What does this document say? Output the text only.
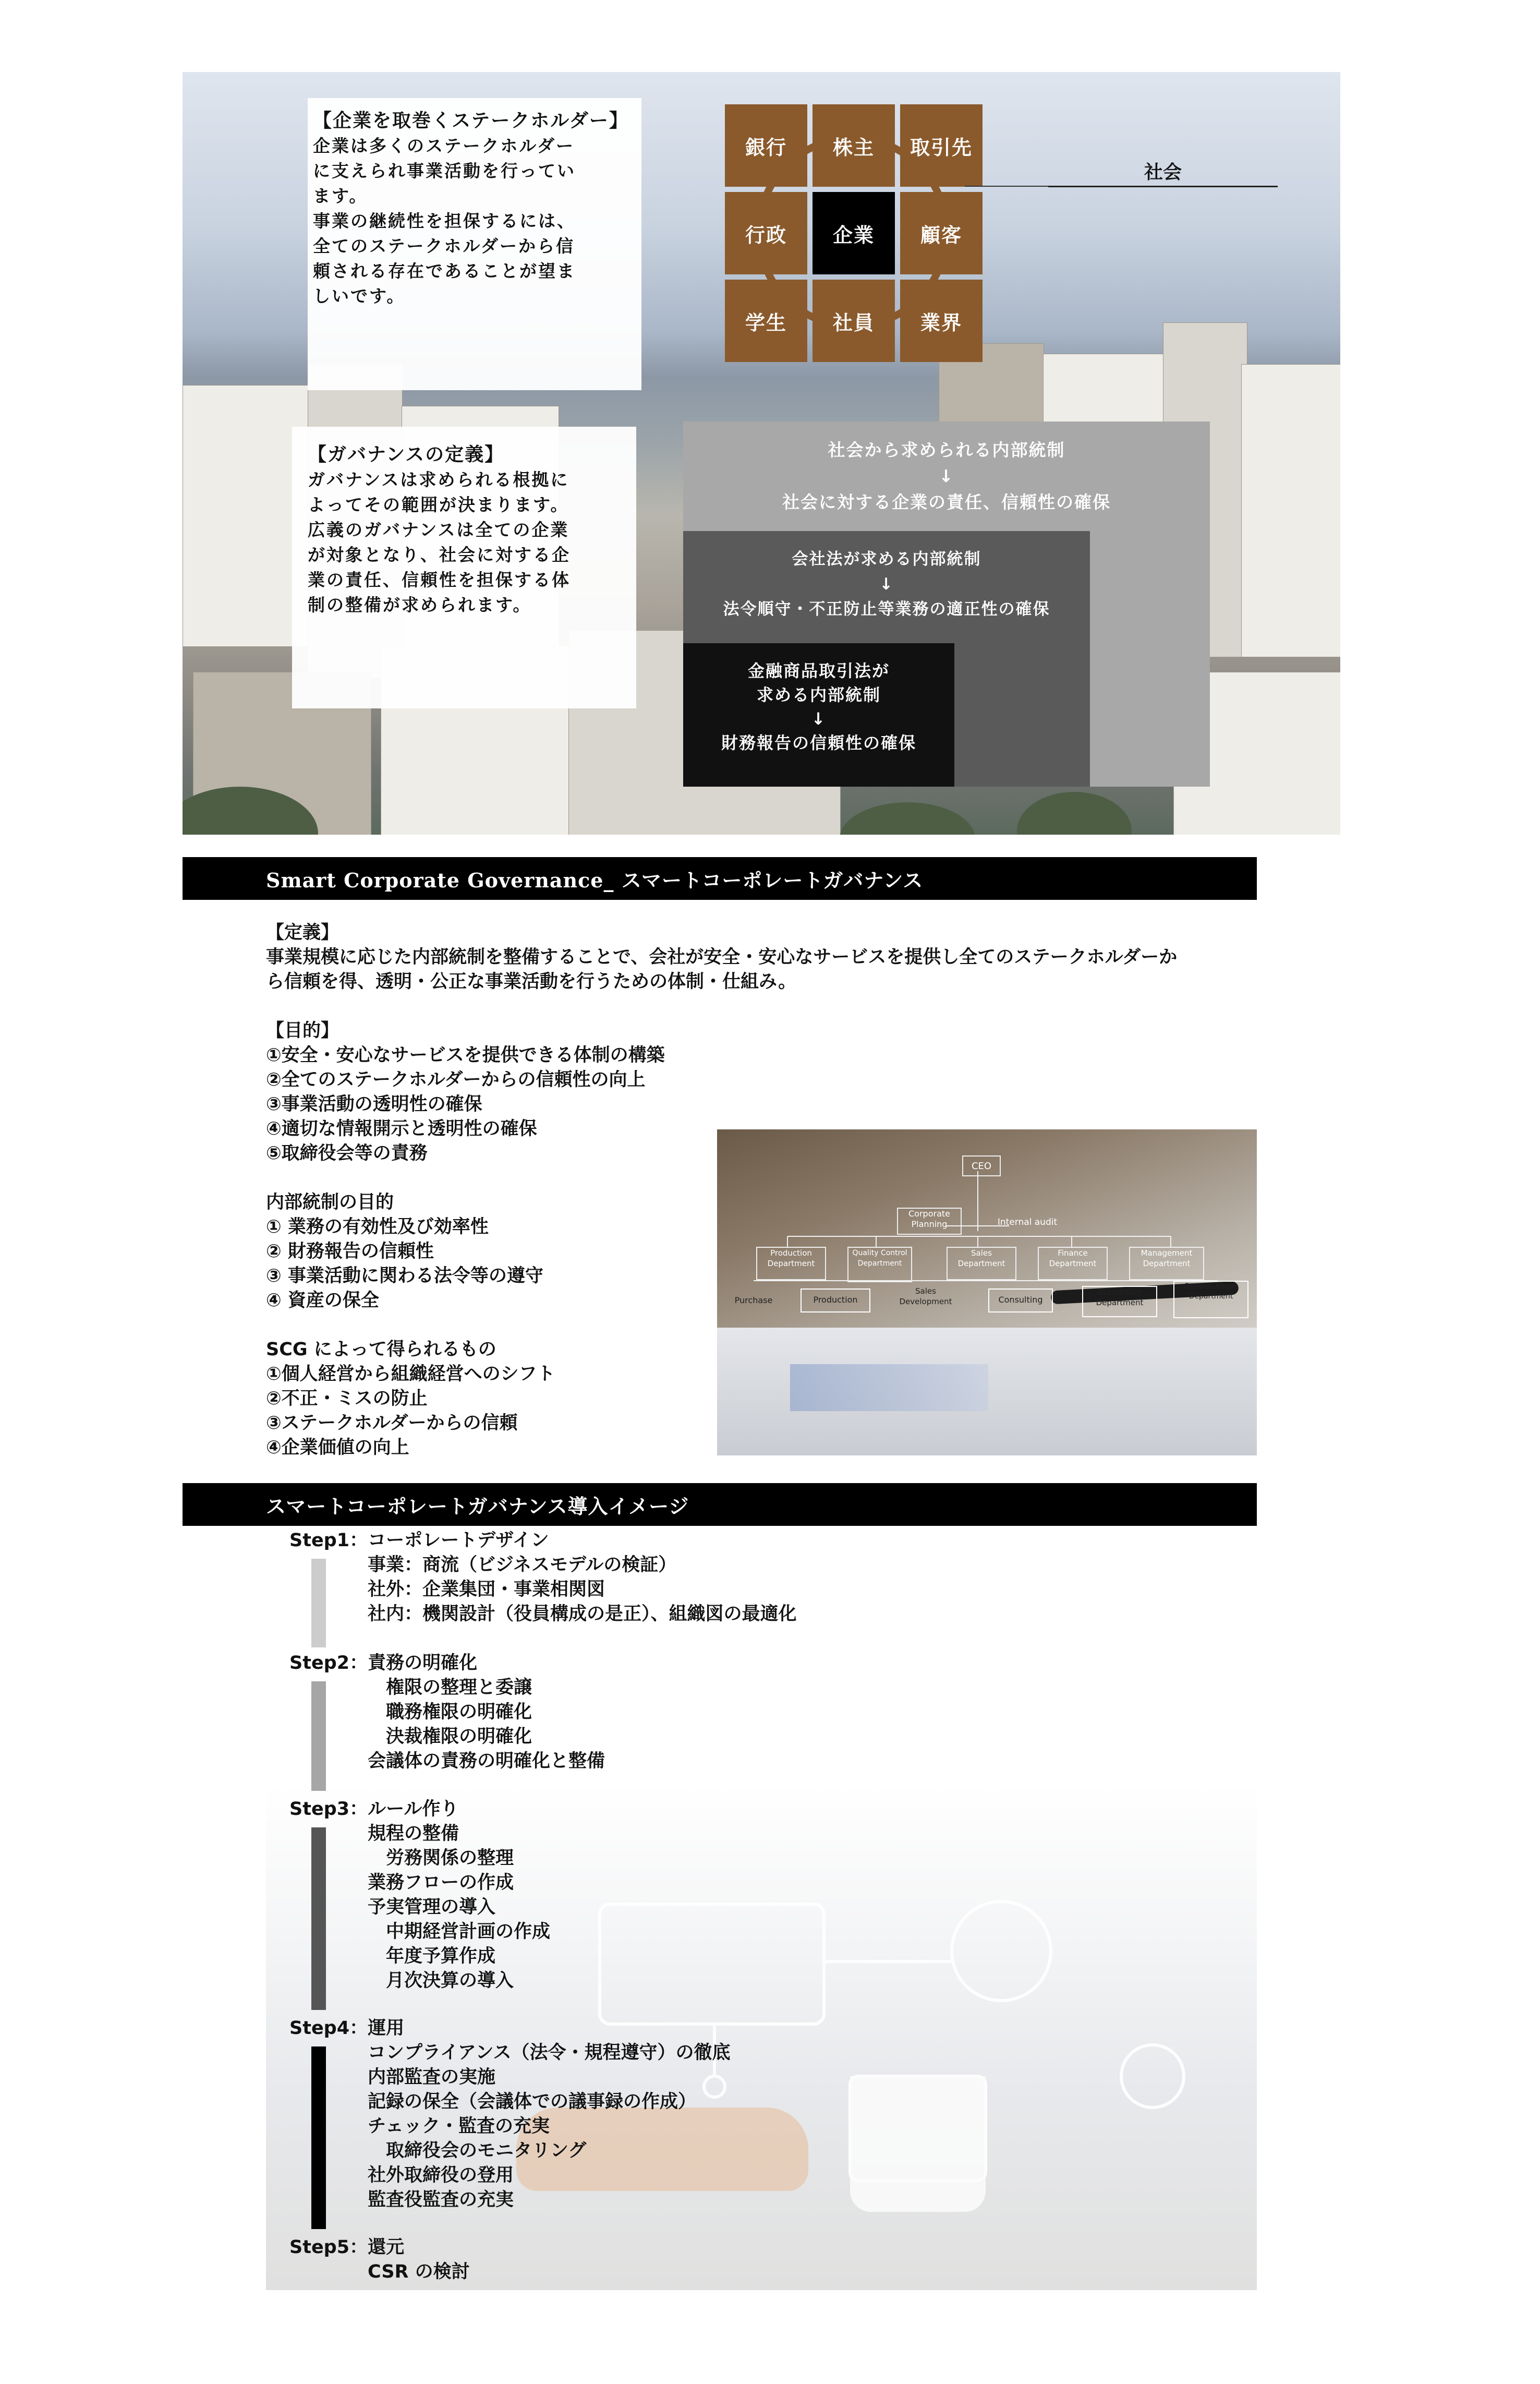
【企業を取巻くステークホルダー】
企業は多くのステークホルダー
に支えられ事業活動を行ってい
ます。
事業の継続性を担保するには、
全てのステークホルダーから信
頼される存在であることが望ま
しいです。
銀行	株主	取引先
行政	企業	顧客
学生	社員	業界
社会
【ガバナンスの定義】
ガバナンスは求められる根拠に
よってその範囲が決まります。
広義のガバナンスは全ての企業
が対象となり、社会に対する企
業の責任、信頼性を担保する体
制の整備が求められます。
社会から求められる内部統制
↓
社会に対する企業の責任、信頼性の確保
会社法が求める内部統制
↓
法令順守・不正防止等業務の適正性の確保
金融商品取引法が
求める内部統制
↓
財務報告の信頼性の確保
Smart Corporate Governance_ スマートコーポレートガバナンス
【定義】
事業規模に応じた内部統制を整備することで、会社が安全・安心なサービスを提供し全てのステークホルダーか
ら信頼を得、透明・公正な事業活動を行うための体制・仕組み。
【目的】
①安全・安心なサービスを提供できる体制の構築
②全てのステークホルダーからの信頼性の向上
③事業活動の透明性の確保
④適切な情報開示と透明性の確保
⑤取締役会等の責務
内部統制の目的
① 業務の有効性及び効率性
② 財務報告の信頼性
③ 事業活動に関わる法令等の遵守
④ 資産の保全
SCG によって得られるもの
①個人経営から組織経営へのシフト
②不正・ミスの防止
③ステークホルダーからの信頼
④企業価値の向上
CEO
Corporate Planning	Internal audit
Production Department
Quality Control Department
Sales Department
Finance Department
Management Department
Purchase	Production
Sales Development	Consulting
Accounting Department
General Affairs Department
スマートコーポレートガバナンス導入イメージ
Step1：コーポレートデザイン
事業：商流（ビジネスモデルの検証）
社外：企業集団・事業相関図
社内：機関設計（役員構成の是正）、組織図の最適化
Step2：責務の明確化
　権限の整理と委譲
　職務権限の明確化
　決裁権限の明確化
会議体の責務の明確化と整備
Step3：ルール作り
規程の整備
　労務関係の整理
業務フローの作成
予実管理の導入
　中期経営計画の作成
　年度予算作成
　月次決算の導入
Step4：運用
コンプライアンス（法令・規程遵守）の徹底
内部監査の実施
記録の保全（会議体での議事録の作成）
チェック・監査の充実
　取締役会のモニタリング
社外取締役の登用
監査役監査の充実
Step5：還元
CSR の検討
